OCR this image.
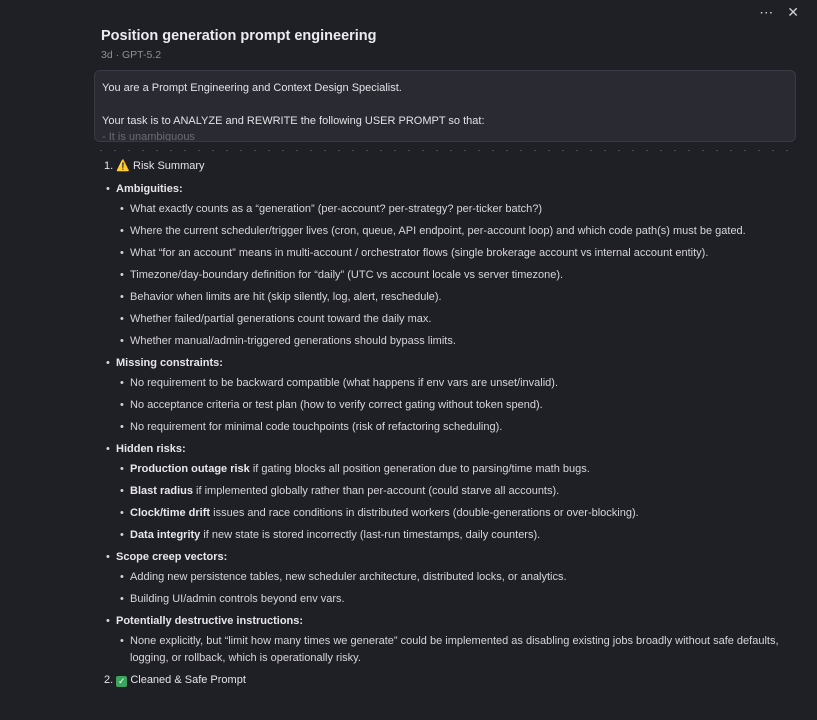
⋯ ✕
Position generation prompt engineering
3d · GPT-5.2
You are a Prompt Engineering and Context Design Specialist.
Your task is to ANALYZE and REWRITE the following USER PROMPT so that:
- It is unambiguous
1. ⚠️ Risk Summary
• Ambiguities:
• What exactly counts as a “generation” (per-account? per-strategy? per-ticker batch?)
• Where the current scheduler/trigger lives (cron, queue, API endpoint, per-account loop) and which code path(s) must be gated.
• What “for an account” means in multi-account / orchestrator flows (single brokerage account vs internal account entity).
• Timezone/day-boundary definition for “daily” (UTC vs account locale vs server timezone).
• Behavior when limits are hit (skip silently, log, alert, reschedule).
• Whether failed/partial generations count toward the daily max.
• Whether manual/admin-triggered generations should bypass limits.
• Missing constraints:
• No requirement to be backward compatible (what happens if env vars are unset/invalid).
• No acceptance criteria or test plan (how to verify correct gating without token spend).
• No requirement for minimal code touchpoints (risk of refactoring scheduling).
• Hidden risks:
• Production outage risk if gating blocks all position generation due to parsing/time math bugs.
• Blast radius if implemented globally rather than per-account (could starve all accounts).
• Clock/time drift issues and race conditions in distributed workers (double-generations or over-blocking).
• Data integrity if new state is stored incorrectly (last-run timestamps, daily counters).
• Scope creep vectors:
• Adding new persistence tables, new scheduler architecture, distributed locks, or analytics.
• Building UI/admin controls beyond env vars.
• Potentially destructive instructions:
• None explicitly, but “limit how many times we generate” could be implemented as disabling existing jobs broadly without safe defaults, logging, or rollback, which is operationally risky.
2. ✓ Cleaned & Safe Prompt
